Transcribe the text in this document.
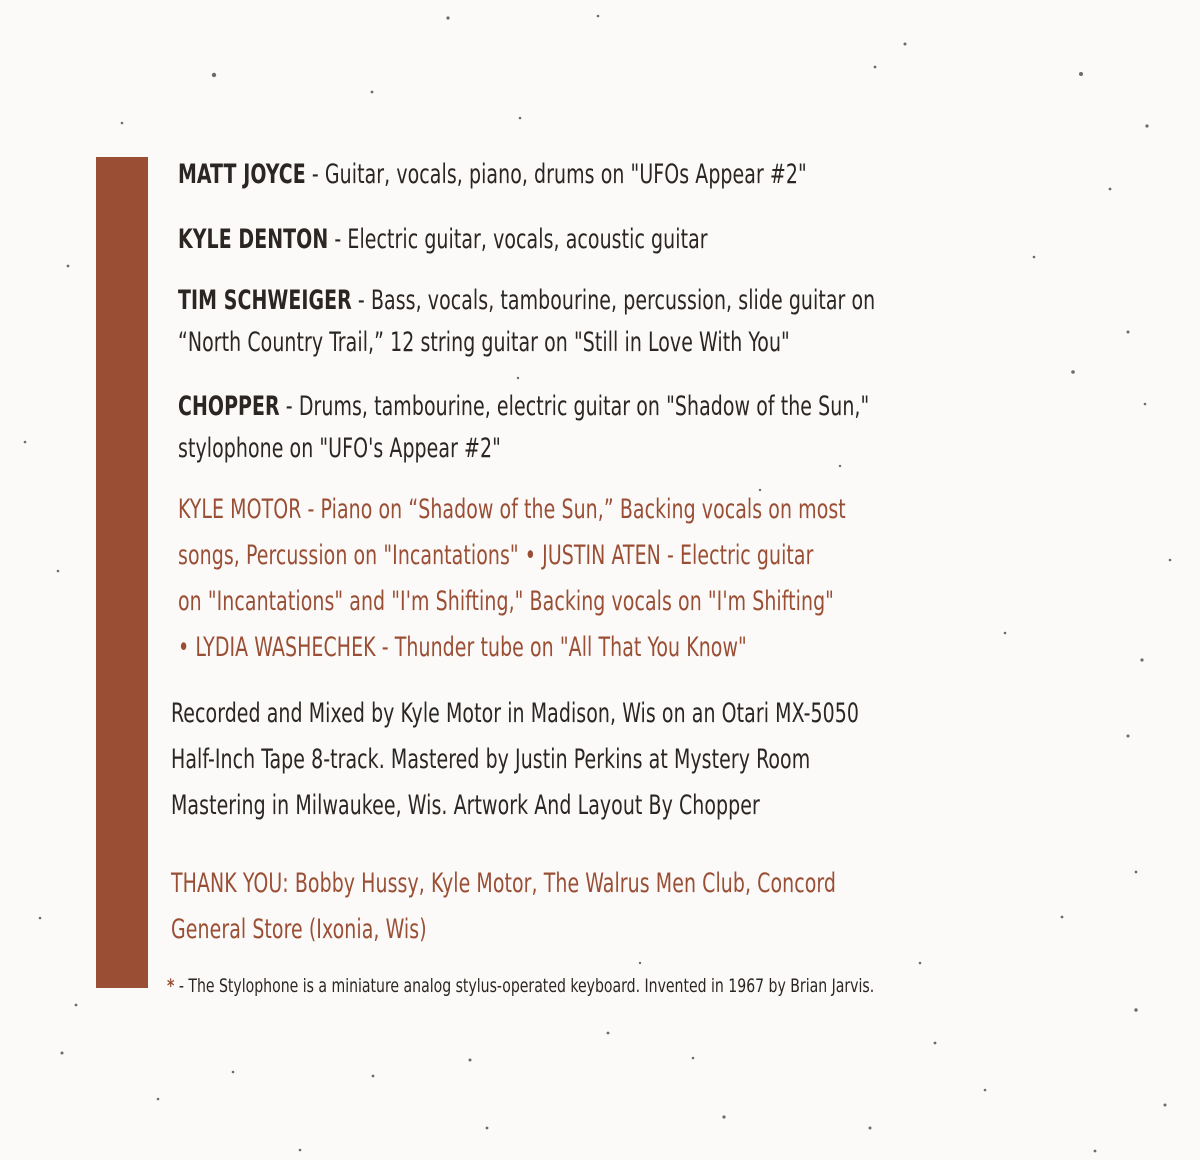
MATT JOYCE - Guitar, vocals, piano, drums on "UFOs Appear #2"

KYLE DENTON - Electric guitar, vocals, acoustic guitar

TIM SCHWEIGER - Bass, vocals, tambourine, percussion, slide guitar on
“North Country Trail,” 12 string guitar on "Still in Love With You"

CHOPPER - Drums, tambourine, electric guitar on "Shadow of the Sun,"
stylophone on "UFO's Appear #2"

KYLE MOTOR - Piano on “Shadow of the Sun,” Backing vocals on most
songs, Percussion on "Incantations" • JUSTIN ATEN - Electric guitar
on "Incantations" and "I'm Shifting," Backing vocals on "I'm Shifting"
• LYDIA WASHECHEK - Thunder tube on "All That You Know"

Recorded and Mixed by Kyle Motor in Madison, Wis on an Otari MX-5050
Half-Inch Tape 8-track. Mastered by Justin Perkins at Mystery Room
Mastering in Milwaukee, Wis. Artwork And Layout By Chopper

THANK YOU: Bobby Hussy, Kyle Motor, The Walrus Men Club, Concord
General Store (Ixonia, Wis)

* - The Stylophone is a miniature analog stylus-operated keyboard. Invented in 1967 by Brian Jarvis.
